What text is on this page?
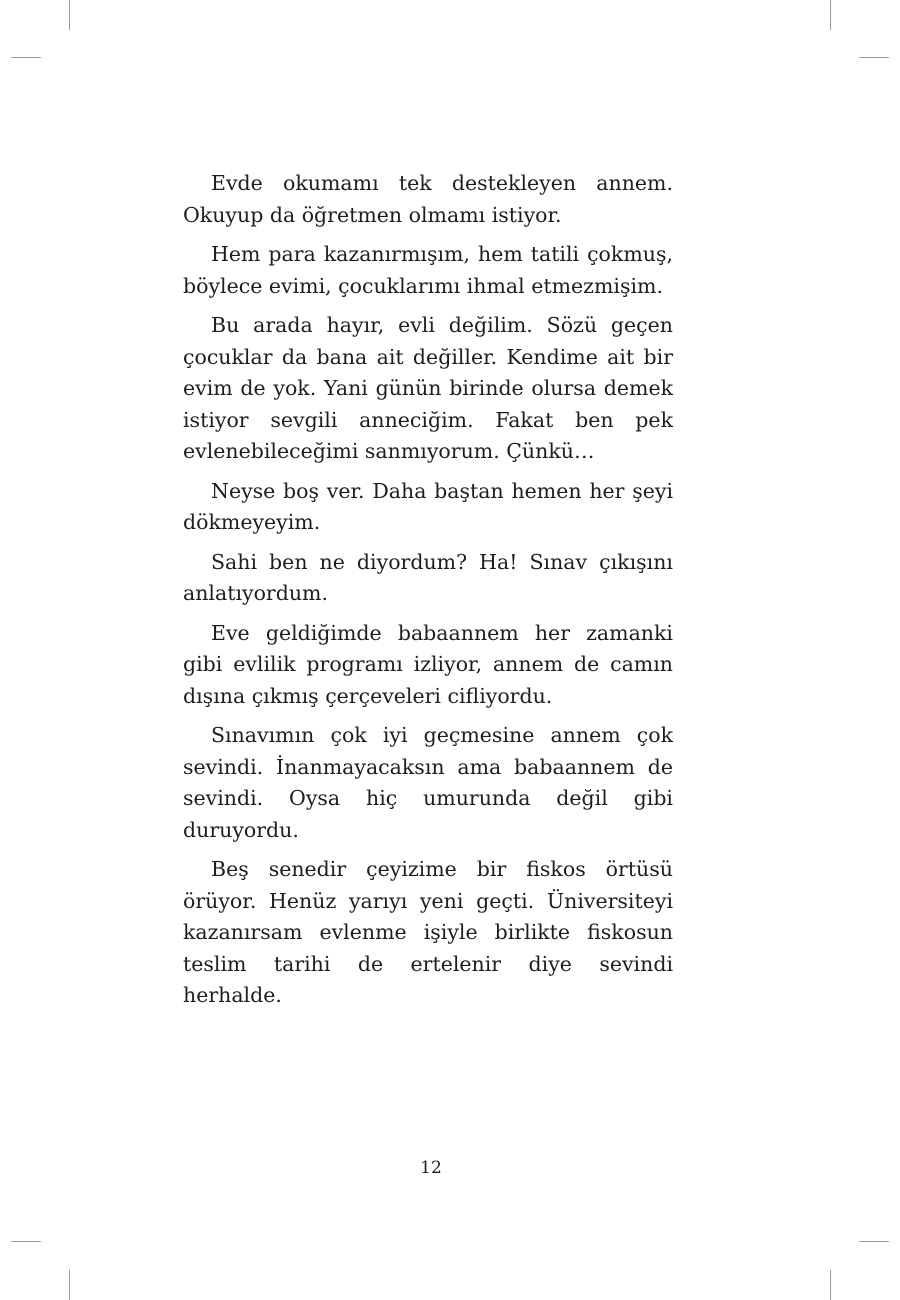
Evde okumamı tek destekleyen annem. Okuyup da öğretmen olmamı istiyor.

Hem para kazanırmışım, hem tatili çokmuş, böylece evimi, çocuklarımı ihmal etmezmişim.

Bu arada hayır, evli değilim. Sözü geçen çocuklar da bana ait değiller. Kendime ait bir evim de yok. Yani günün birinde olursa demek istiyor sevgili anneciğim. Fakat ben pek evlenebileceğimi sanmıyorum. Çünkü…

Neyse boş ver. Daha baştan hemen her şeyi dökmeyeyim.

Sahi ben ne diyordum? Ha! Sınav çıkışını anlatıyordum.

Eve geldiğimde babaannem her zamanki gibi evlilik programı izliyor, annem de camın dışına çıkmış çerçeveleri cifliyordu.

Sınavımın çok iyi geçmesine annem çok sevindi. İnanmayacaksın ama babaannem de sevindi. Oysa hiç umurunda değil gibi duruyordu.

Beş senedir çeyizime bir fiskos örtüsü örüyor. Henüz yarıyı yeni geçti. Üniversiteyi kazanırsam evlenme işiyle birlikte fiskosun teslim tarihi de ertelenir diye sevindi herhalde.

12
